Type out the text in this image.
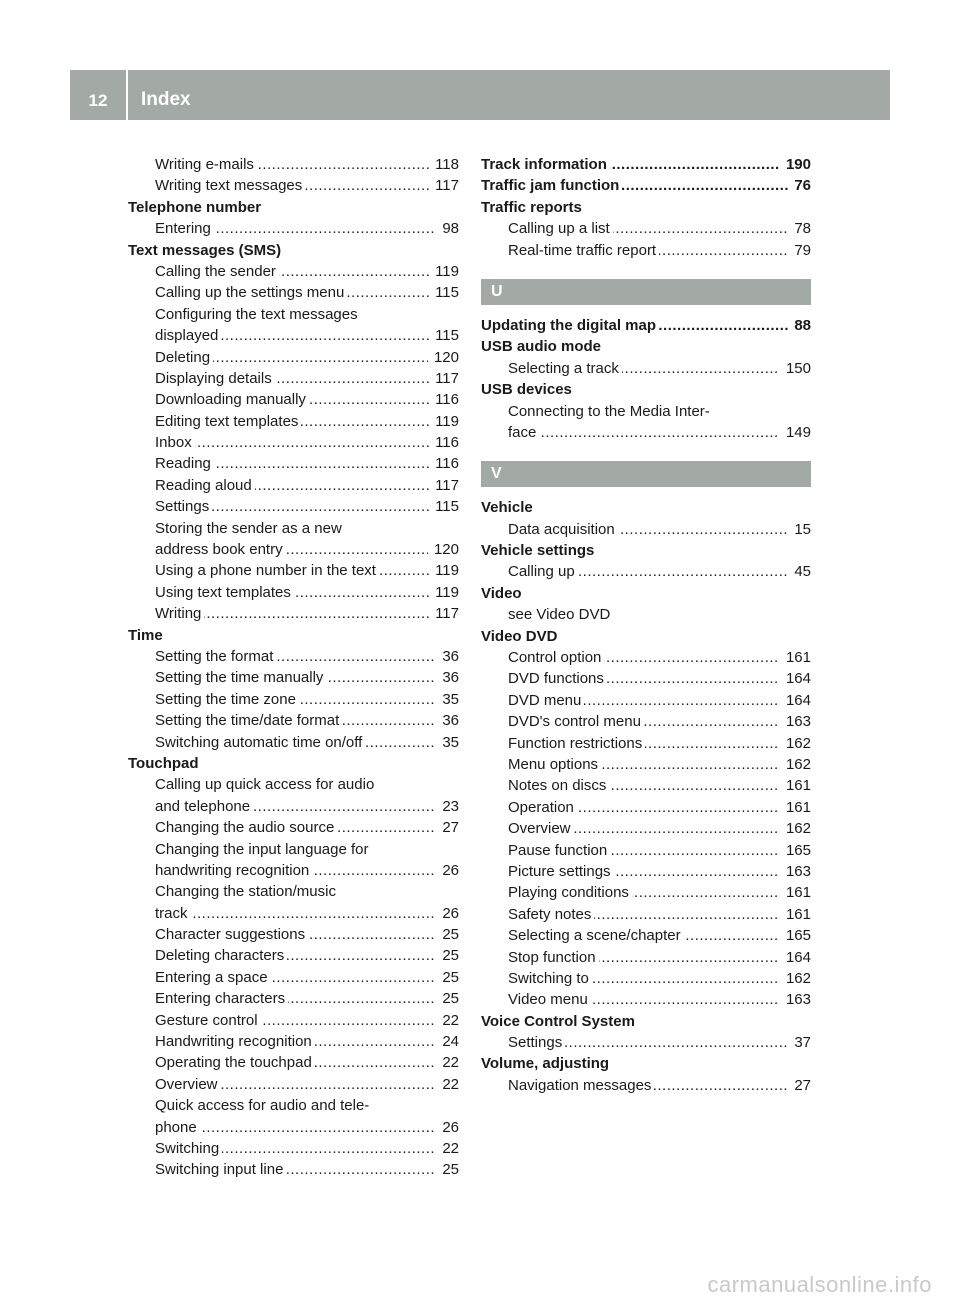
12	Index
..... Writing e-mails	118
..... Writing text messages	117
Telephone number
..... Entering	98
Text messages (SMS)
..... Calling the sender	119
..... Calling up the settings menu	115
Configuring the text messages
..... displayed	115
..... Deleting	120
..... Displaying details	117
..... Downloading manually	116
..... Editing text templates	119
..... Inbox	116
..... Reading	116
..... Reading aloud	117
..... Settings	115
Storing the sender as a new
..... address book entry	120
..... Using a phone number in the text	119
..... Using text templates	119
..... Writing	117
Time
..... Setting the format	36
..... Setting the time manually	36
..... Setting the time zone	35
..... Setting the time/date format	36
..... Switching automatic time on/off	35
Touchpad
Calling up quick access for audio
..... and telephone	23
..... Changing the audio source	27
Changing the input language for
..... handwriting recognition	26
Changing the station/music
..... track	26
..... Character suggestions	25
..... Deleting characters	25
..... Entering a space	25
..... Entering characters	25
..... Gesture control	22
..... Handwriting recognition	24
..... Operating the touchpad	22
..... Overview	22
Quick access for audio and tele-
..... phone	26
..... Switching	22
..... Switching input line	25
..... Track information	190
..... Traffic jam function	76
Traffic reports
..... Calling up a list	78
..... Real-time traffic report	79
U
..... Updating the digital map	88
USB audio mode
..... Selecting a track	150
USB devices
Connecting to the Media Inter-
..... face	149
V
Vehicle
..... Data acquisition	15
Vehicle settings
..... Calling up	45
Video
see Video DVD
Video DVD
..... Control option	161
..... DVD functions	164
..... DVD menu	164
..... DVD's control menu	163
..... Function restrictions	162
..... Menu options	162
..... Notes on discs	161
..... Operation	161
..... Overview	162
..... Pause function	165
..... Picture settings	163
..... Playing conditions	161
..... Safety notes	161
..... Selecting a scene/chapter	165
..... Stop function	164
..... Switching to	162
..... Video menu	163
Voice Control System
..... Settings	37
Volume, adjusting
..... Navigation messages	27
carmanualsonline.info
